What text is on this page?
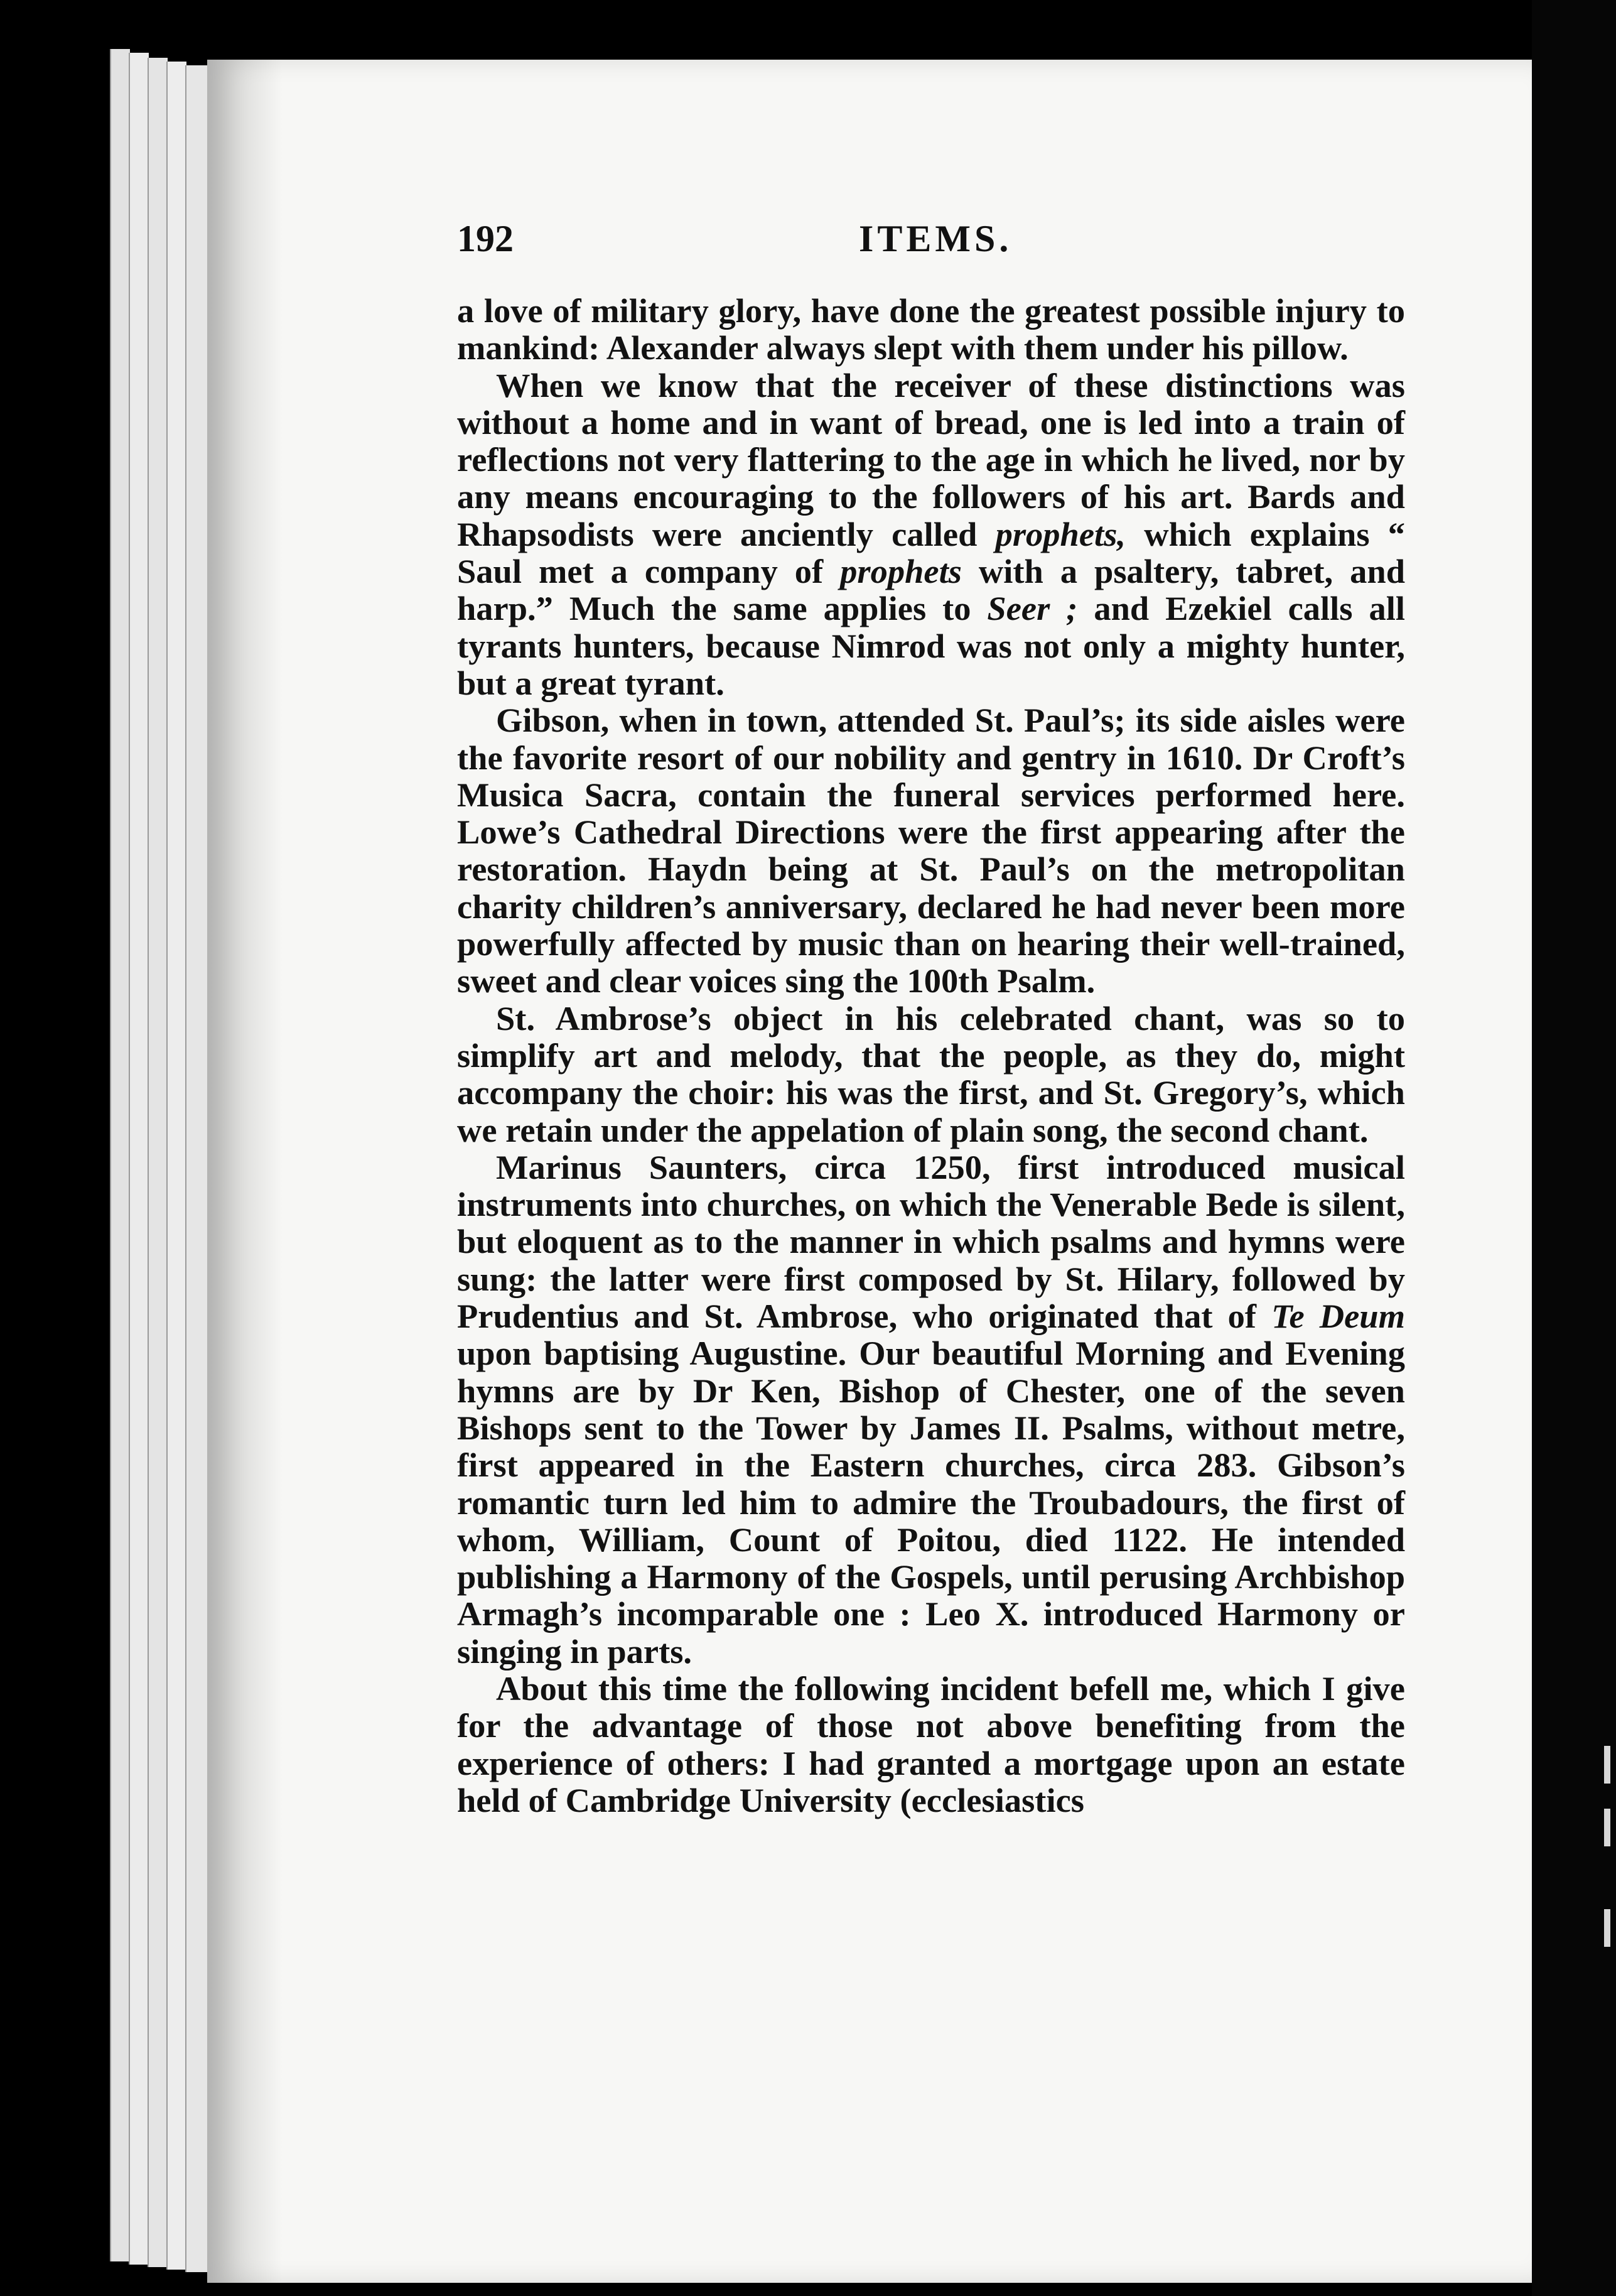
192	ITEMS.

a love of military glory, have done the greatest possible injury to mankind: Alexander always slept with them under his pillow.

When we know that the receiver of these distinctions was without a home and in want of bread, one is led into a train of reflections not very flattering to the age in which he lived, nor by any means encouraging to the followers of his art. Bards and Rhapsodists were anciently called prophets, which explains “ Saul met a company of prophets with a psaltery, tabret, and harp.” Much the same applies to Seer ; and Ezekiel calls all tyrants hunters, because Nimrod was not only a mighty hunter, but a great tyrant.

Gibson, when in town, attended St. Paul’s; its side aisles were the favorite resort of our nobility and gentry in 1610. Dr Croft’s Musica Sacra, contain the funeral services performed here. Lowe’s Cathedral Directions were the first appearing after the restoration. Haydn being at St. Paul’s on the metropolitan charity children’s anniversary, declared he had never been more powerfully affected by music than on hearing their well-trained, sweet and clear voices sing the 100th Psalm.

St. Ambrose’s object in his celebrated chant, was so to simplify art and melody, that the people, as they do, might accompany the choir: his was the first, and St. Gregory’s, which we retain under the appelation of plain song, the second chant.

Marinus Saunters, circa 1250, first introduced musical instruments into churches, on which the Venerable Bede is silent, but eloquent as to the manner in which psalms and hymns were sung: the latter were first composed by St. Hilary, followed by Prudentius and St. Ambrose, who originated that of Te Deum upon baptising Augustine. Our beautiful Morning and Evening hymns are by Dr Ken, Bishop of Chester, one of the seven Bishops sent to the Tower by James II. Psalms, without metre, first appeared in the Eastern churches, circa 283. Gibson’s romantic turn led him to admire the Troubadours, the first of whom, William, Count of Poitou, died 1122. He intended publishing a Harmony of the Gospels, until perusing Archbishop Armagh’s incomparable one : Leo X. introduced Harmony or singing in parts.

About this time the following incident befell me, which I give for the advantage of those not above benefiting from the experience of others: I had granted a mortgage upon an estate held of Cambridge University (ecclesiastics
